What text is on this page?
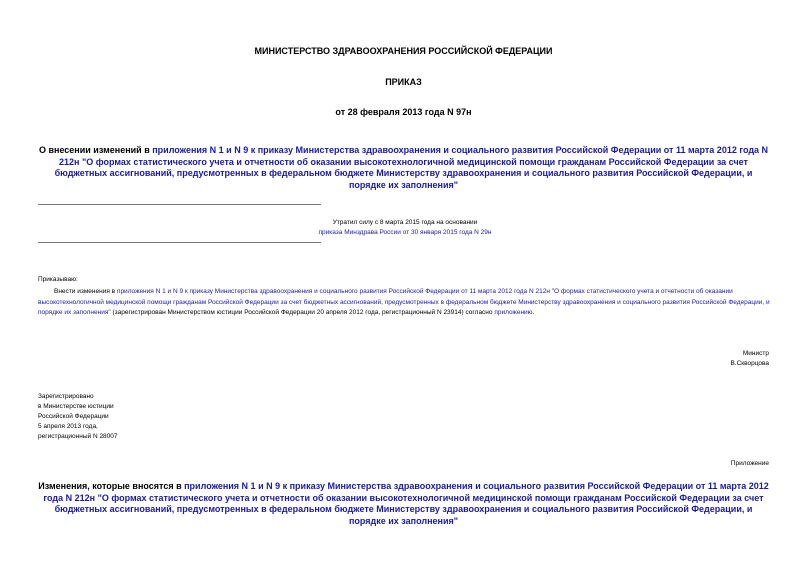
МИНИСТЕРСТВО ЗДРАВООХРАНЕНИЯ РОССИЙСКОЙ ФЕДЕРАЦИИ
ПРИКАЗ
от 28 февраля 2013 года N 97н
О внесении изменений в приложения N 1 и N 9 к приказу Министерства здравоохранения и социального развития Российской Федерации от 11 марта 2012 года N 212н "О формах статистического учета и отчетности об оказании высокотехнологичной медицинской помощи гражданам Российской Федерации за счет бюджетных ассигнований, предусмотренных в федеральном бюджете Министерству здравоохранения и социального развития Российской Федерации, и порядке их заполнения"
Утратил силу с 8 марта 2015 года на основании
приказа Минздрава России от 30 января 2015 года N 29н
Приказываю:
Внести изменения в приложения N 1 и N 9 к приказу Министерства здравоохранения и социального развития Российской Федерации от 11 марта 2012 года N 212н "О формах статистического учета и отчетности об оказании высокотехнологичной медицинской помощи гражданам Российской Федерации за счет бюджетных ассигнований, предусмотренных в федеральном бюджете Министерству здравоохранения и социального развития Российской Федерации, и порядке их заполнения" (зарегистрирован Министерством юстиции Российской Федерации 20 апреля 2012 года, регистрационный N 23914) согласно приложению.
Министр
В.Скворцова
Зарегистрировано
в Министерстве юстиции
Российской Федерации
5 апреля 2013 года,
регистрационный N 28007
Приложение
Изменения, которые вносятся в приложения N 1 и N 9 к приказу Министерства здравоохранения и социального развития Российской Федерации от 11 марта 2012 года N 212н "О формах статистического учета и отчетности об оказании высокотехнологичной медицинской помощи гражданам Российской Федерации за счет бюджетных ассигнований, предусмотренных в федеральном бюджете Министерству здравоохранения и социального развития Российской Федерации, и порядке их заполнения"
